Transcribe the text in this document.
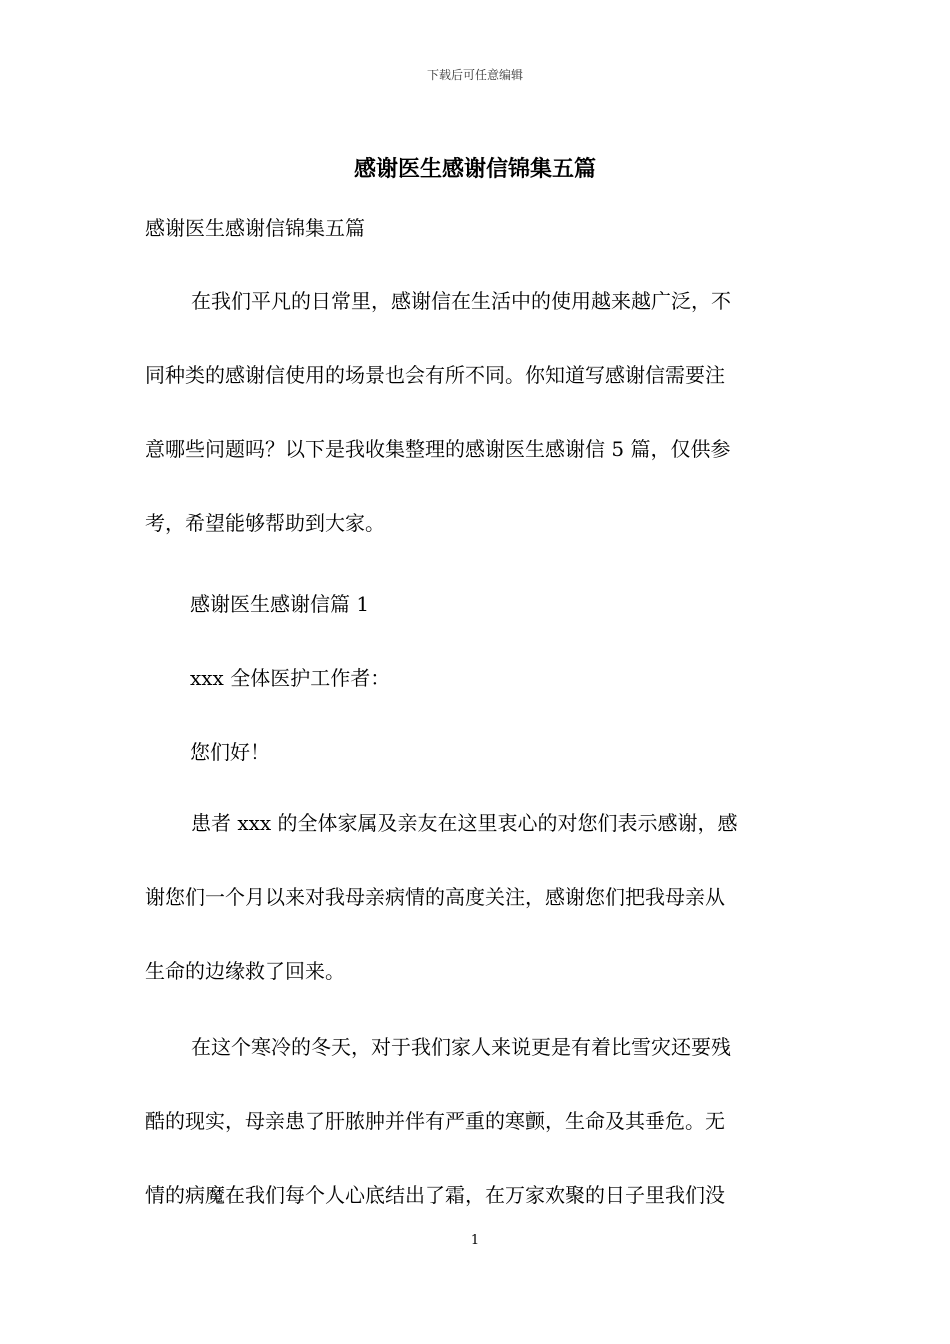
下载后可任意编辑
感谢医生感谢信锦集五篇
感谢医生感谢信锦集五篇
在我们平凡的日常里，感谢信在生活中的使用越来越广泛，不
同种类的感谢信使用的场景也会有所不同。你知道写感谢信需要注
意哪些问题吗？以下是我收集整理的感谢医生感谢信 5 篇，仅供参
考，希望能够帮助到大家。
感谢医生感谢信篇 1
xxx 全体医护工作者：
您们好！
患者 xxx 的全体家属及亲友在这里衷心的对您们表示感谢，感
谢您们一个月以来对我母亲病情的高度关注，感谢您们把我母亲从
生命的边缘救了回来。
在这个寒冷的冬天，对于我们家人来说更是有着比雪灾还要残
酷的现实，母亲患了肝脓肿并伴有严重的寒颤，生命及其垂危。无
情的病魔在我们每个人心底结出了霜，在万家欢聚的日子里我们没
1
